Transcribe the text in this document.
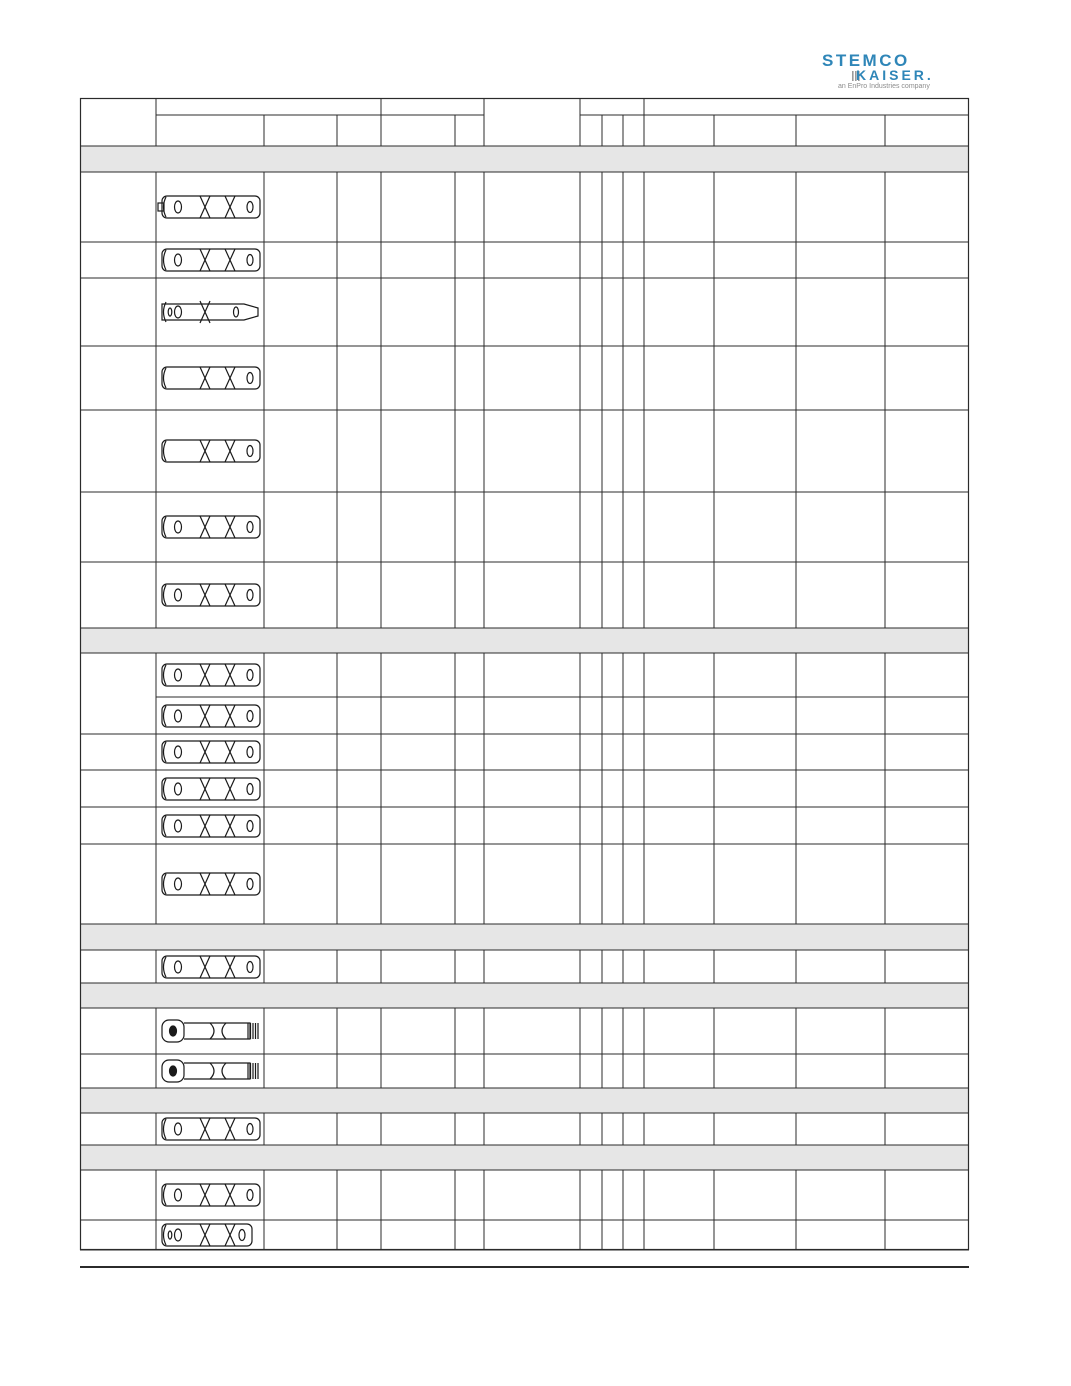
STEMCO
KAISER.
an EnPro Industries company
